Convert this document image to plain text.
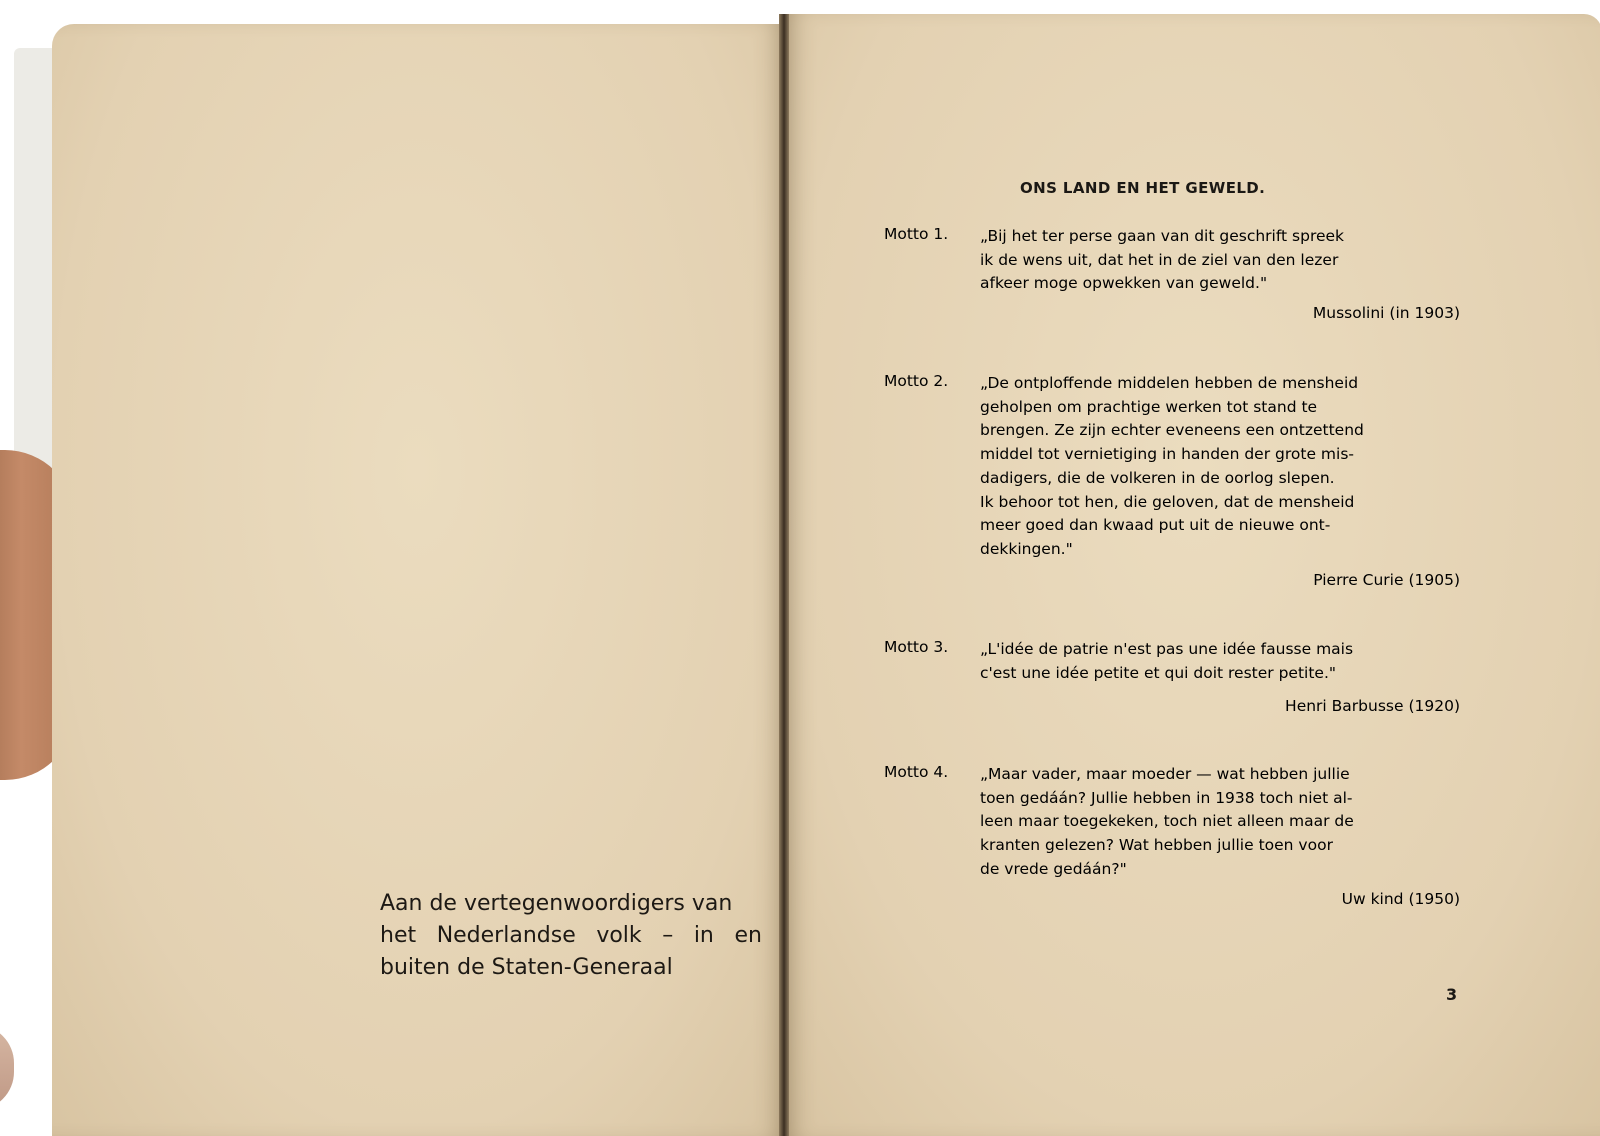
Aan de vertegenwoordigers van
het Nederlandse volk – in en
buiten de Staten-Generaal
ONS LAND EN HET GEWELD.
Motto 1. „Bij het ter perse gaan van dit geschrift spreek
ik de wens uit, dat het in de ziel van den lezer
afkeer moge opwekken van geweld."
Mussolini (in 1903)
Motto 2. „De ontploffende middelen hebben de mensheid
geholpen om prachtige werken tot stand te
brengen. Ze zijn echter eveneens een ontzettend
middel tot vernietiging in handen der grote mis-
dadigers, die de volkeren in de oorlog slepen.
Ik behoor tot hen, die geloven, dat de mensheid
meer goed dan kwaad put uit de nieuwe ont-
dekkingen."
Pierre Curie (1905)
Motto 3. „L'idée de patrie n'est pas une idée fausse mais
c'est une idée petite et qui doit rester petite."
Henri Barbusse (1920)
Motto 4. „Maar vader, maar moeder — wat hebben jullie
toen gedáán? Jullie hebben in 1938 toch niet al-
leen maar toegekeken, toch niet alleen maar de
kranten gelezen? Wat hebben jullie toen voor
de vrede gedáán?"
Uw kind (1950)
3
